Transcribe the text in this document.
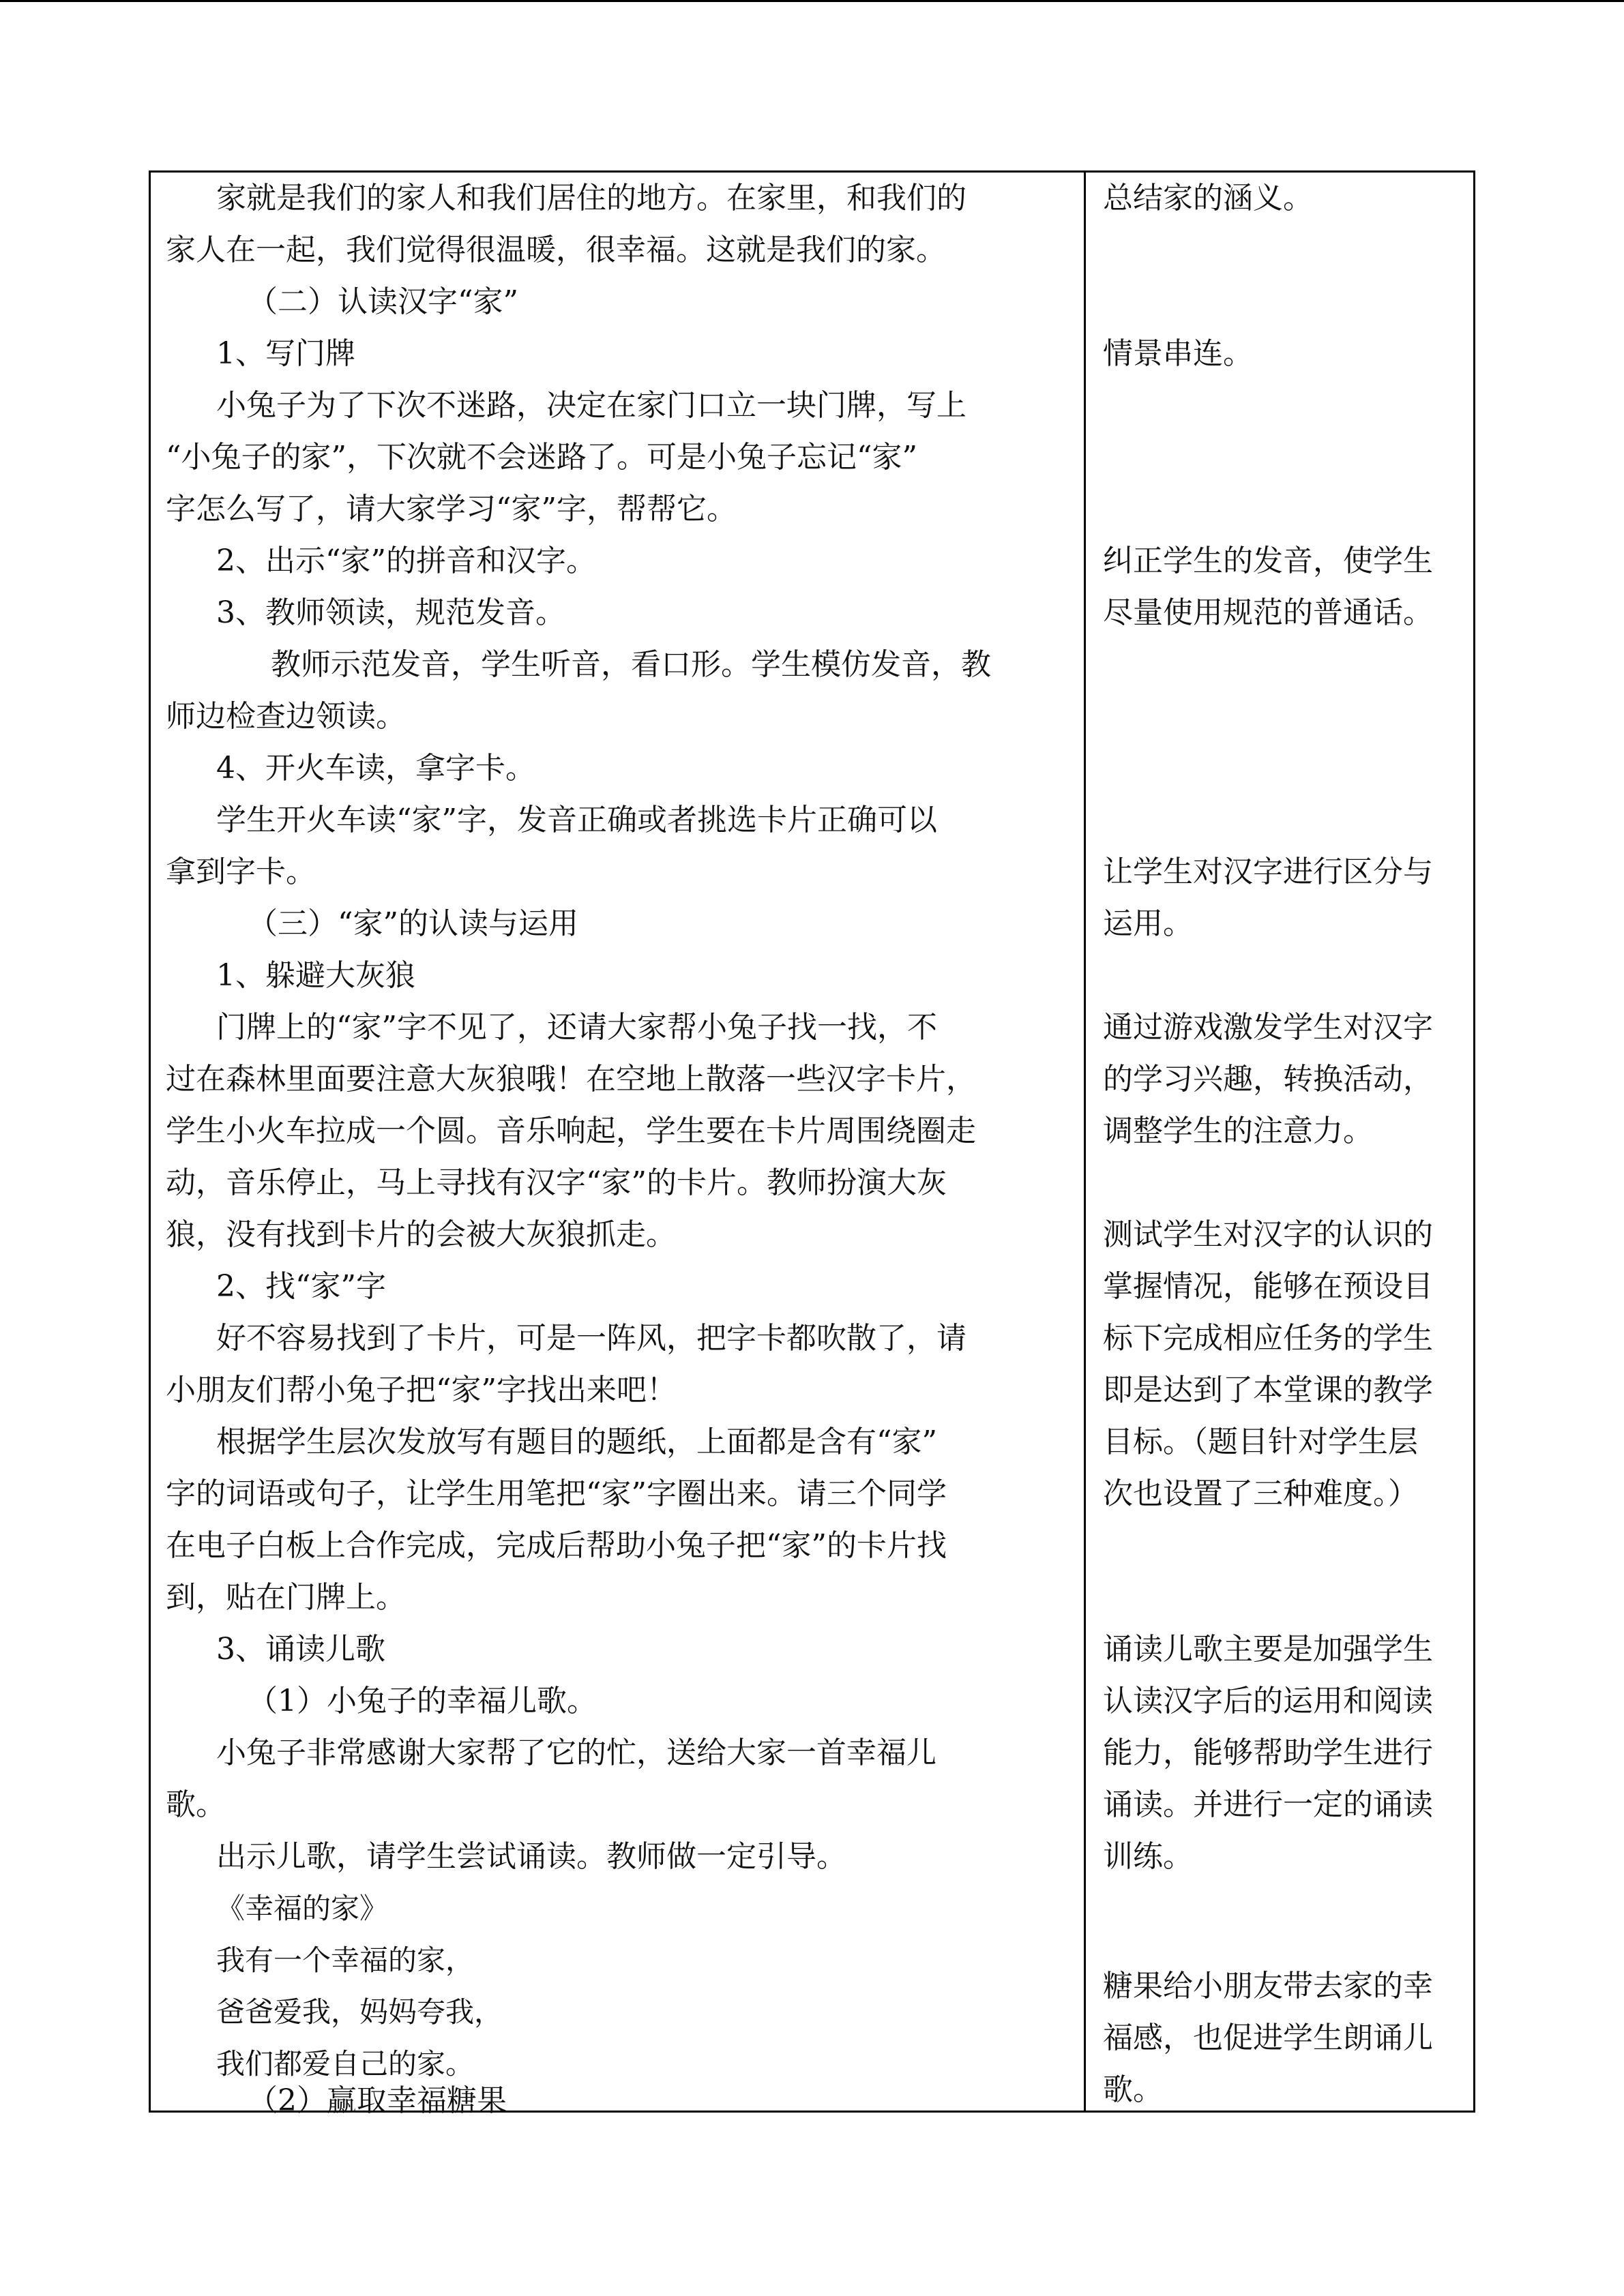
家就是我们的家人和我们居住的地方。在家里，和我们的
家人在一起，我们觉得很温暖，很幸福。这就是我们的家。
（二）认读汉字“家”
1、写门牌
小兔子为了下次不迷路，决定在家门口立一块门牌，写上
“小兔子的家”，下次就不会迷路了。可是小兔子忘记“家”
字怎么写了，请大家学习“家”字，帮帮它。
2、出示“家”的拼音和汉字。
3、教师领读，规范发音。
教师示范发音，学生听音，看口形。学生模仿发音，教
师边检查边领读。
4、开火车读，拿字卡。
学生开火车读“家”字，发音正确或者挑选卡片正确可以
拿到字卡。
（三）“家”的认读与运用
1、躲避大灰狼
门牌上的“家”字不见了，还请大家帮小兔子找一找，不
过在森林里面要注意大灰狼哦！在空地上散落一些汉字卡片，
学生小火车拉成一个圆。音乐响起，学生要在卡片周围绕圈走
动，音乐停止，马上寻找有汉字“家”的卡片。教师扮演大灰
狼，没有找到卡片的会被大灰狼抓走。
2、找“家”字
好不容易找到了卡片，可是一阵风，把字卡都吹散了，请
小朋友们帮小兔子把“家”字找出来吧！
根据学生层次发放写有题目的题纸，上面都是含有“家”
字的词语或句子，让学生用笔把“家”字圈出来。请三个同学
在电子白板上合作完成，完成后帮助小兔子把“家”的卡片找
到，贴在门牌上。
3、诵读儿歌
（1）小兔子的幸福儿歌。
小兔子非常感谢大家帮了它的忙，送给大家一首幸福儿
歌。
出示儿歌，请学生尝试诵读。教师做一定引导。
《幸福的家》
我有一个幸福的家，
爸爸爱我，妈妈夸我，
我们都爱自己的家。
（2）赢取幸福糖果
总结家的涵义。
情景串连。
纠正学生的发音，使学生
尽量使用规范的普通话。
让学生对汉字进行区分与
运用。
通过游戏激发学生对汉字
的学习兴趣，转换活动，
调整学生的注意力。
测试学生对汉字的认识的
掌握情况，能够在预设目
标下完成相应任务的学生
即是达到了本堂课的教学
目标。（题目针对学生层
次也设置了三种难度。）
诵读儿歌主要是加强学生
认读汉字后的运用和阅读
能力，能够帮助学生进行
诵读。并进行一定的诵读
训练。
糖果给小朋友带去家的幸
福感，也促进学生朗诵儿
歌。
